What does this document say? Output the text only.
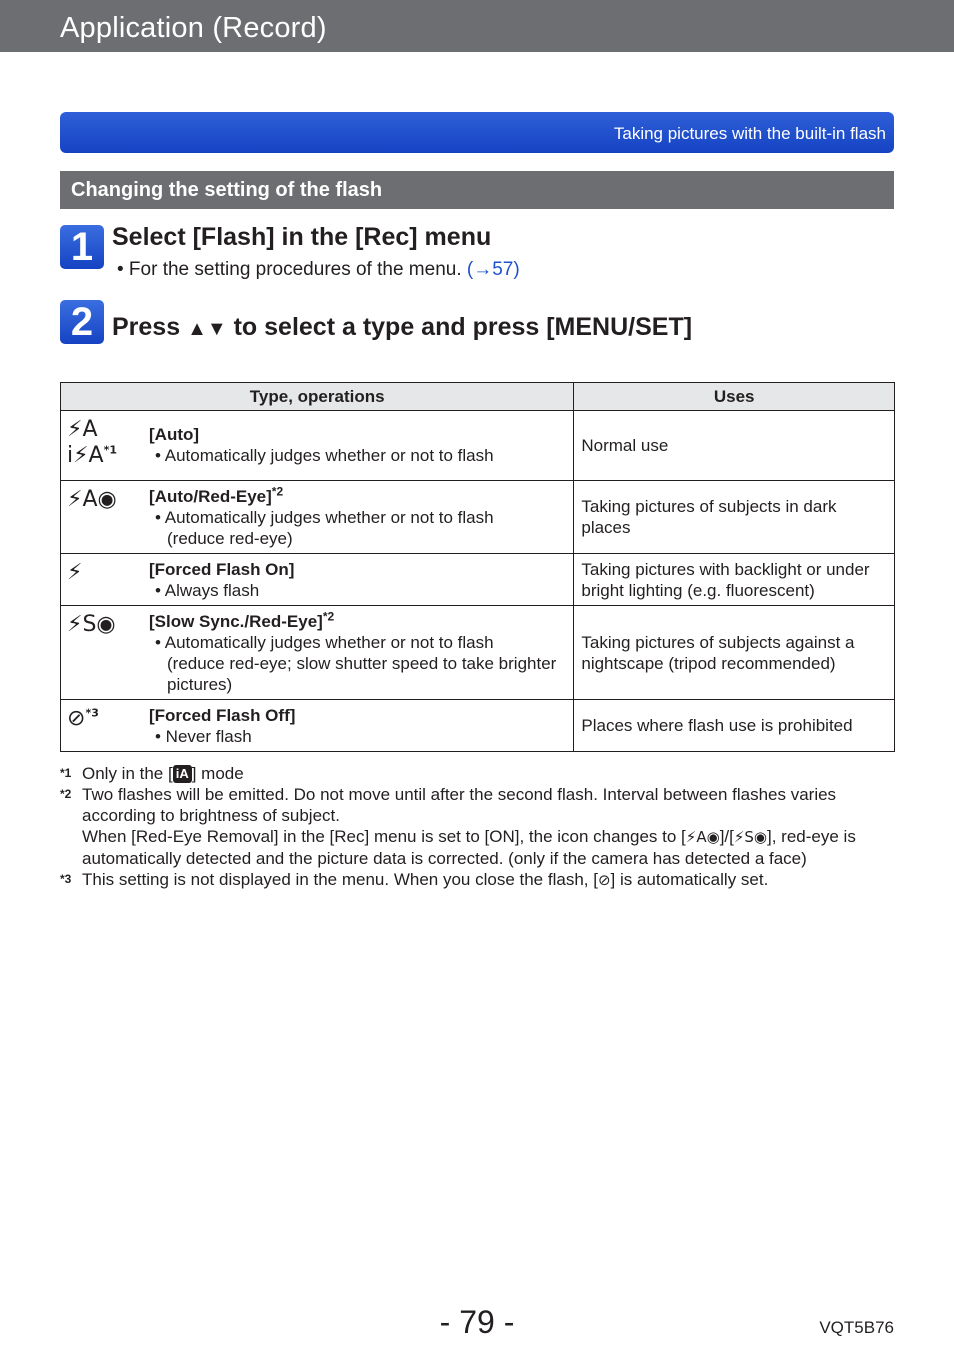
Application (Record)
Taking pictures with the built-in flash
Changing the setting of the flash
1 Select [Flash] in the [Rec] menu
• For the setting procedures of the menu. (→57)
2 Press ▲▼ to select a type and press [MENU/SET]
Type, operations	Uses

⚡A
$i⚡A^{*1}$
[Auto]
• Automatically judges whether or not to flash	Normal use

⚡A◉ [Auto/Red-Eye]$^{*2}$
• Automatically judges whether or not to flash
(reduce red-eye)	Taking pictures of subjects in dark places

⚡ [Forced Flash On]
• Always flash	Taking pictures with backlight or under bright lighting (e.g. fluorescent)

⚡S◉ [Slow Sync./Red-Eye]$^{*2}$
• Automatically judges whether or not to flash
(reduce red-eye; slow shutter speed to take brighter pictures)	Taking pictures of subjects against a nightscape (tripod recommended)

⊘$^{*3}$ [Forced Flash Off]
• Never flash	Places where flash use is prohibited
*1 Only in the [ iA ] mode
*2 Two flashes will be emitted. Do not move until after the second flash. Interval between flashes varies according to brightness of subject.
When [Red-Eye Removal] in the [Rec] menu is set to [ON], the icon changes to [⚡A◉]/[⚡S◉], red-eye is automatically detected and the picture data is corrected. (only if the camera has detected a face)
*3 This setting is not displayed in the menu. When you close the flash, [⊘] is automatically set.
- 79 -	VQT5B76
